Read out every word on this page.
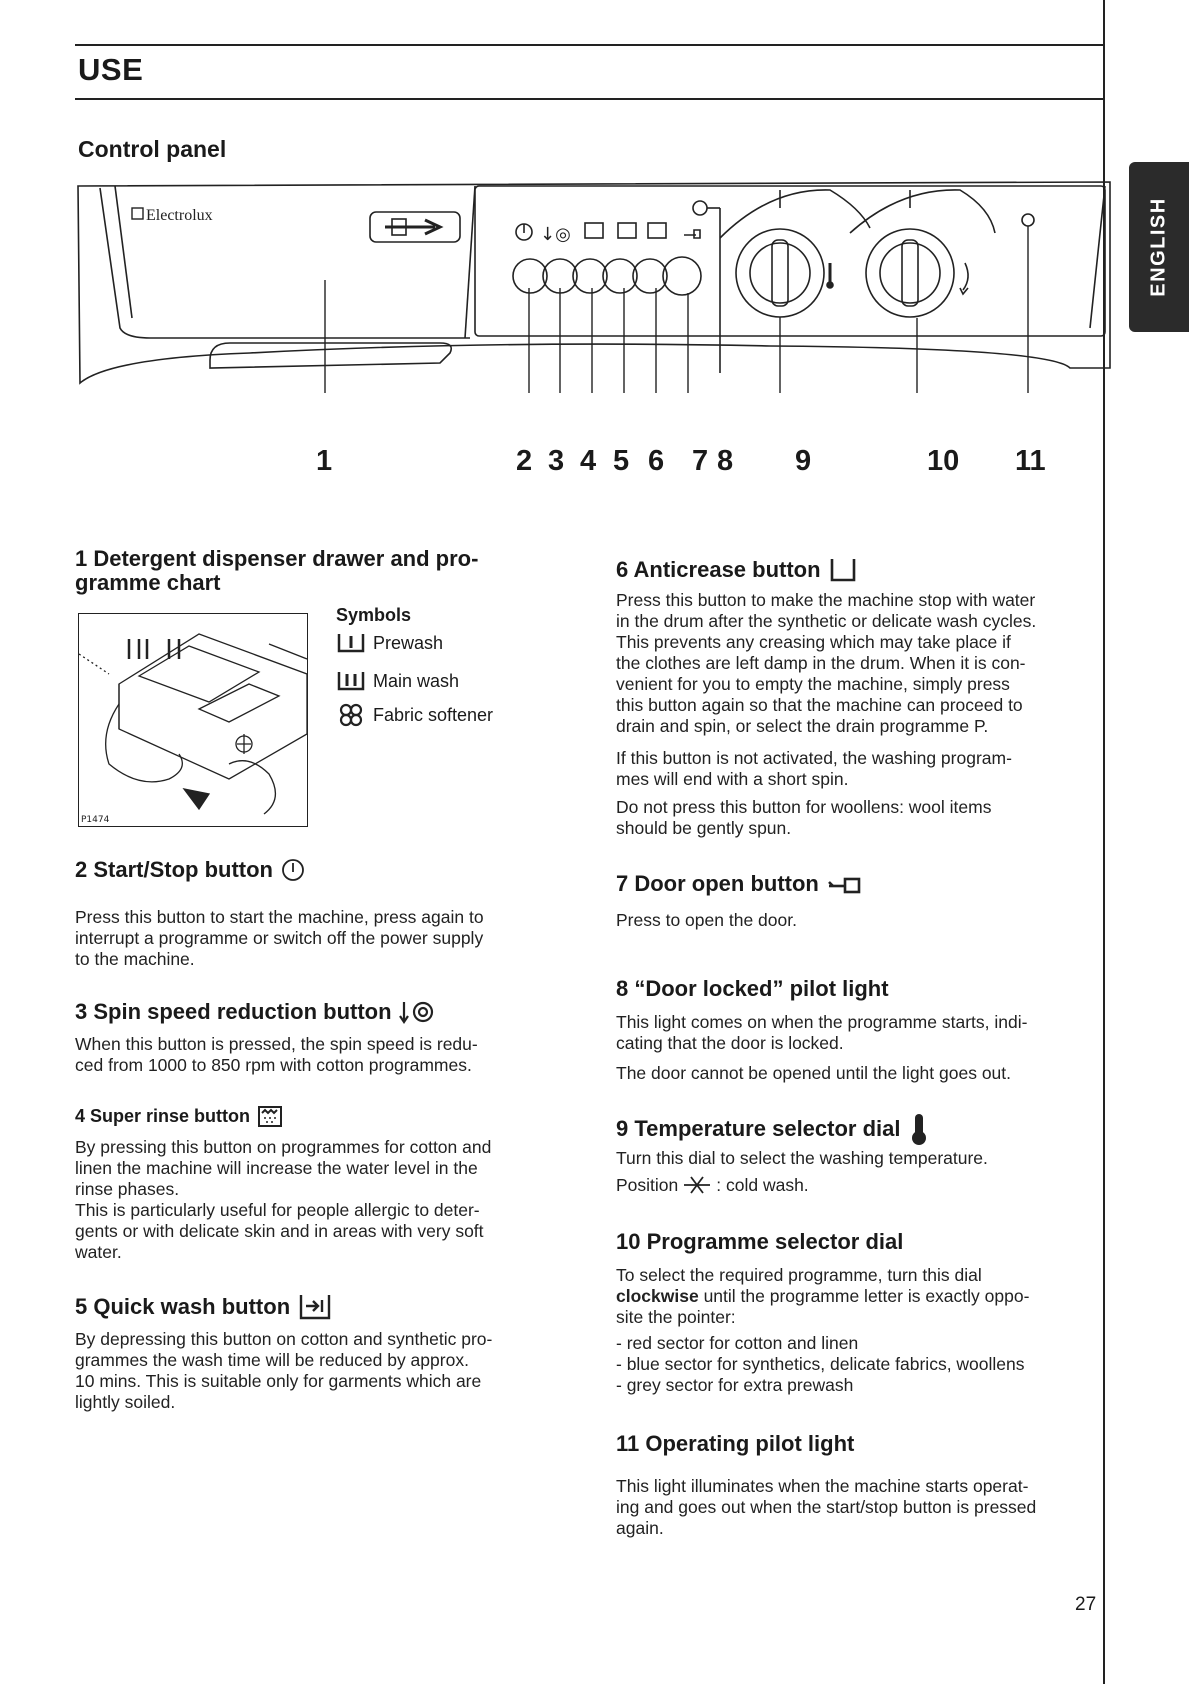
USE
Control panel
ENGLISH
↓◎
Electrolux
1	2 3 4 5 6 7 8 9	10 11
1 Detergent dispenser drawer and pro-
gramme chart
P1474
Symbols
Prewash
Main wash
Fabric softener
2 Start/Stop button
Press this button to start the machine, press again to
interrupt a programme or switch off the power supply
to the machine.
3 Spin speed reduction button
When this button is pressed, the spin speed is redu-
ced from 1000 to 850 rpm with cotton programmes.
4 Super rinse button
By pressing this button on programmes for cotton and
linen the machine will increase the water level in the
rinse phases.
This is particularly useful for people allergic to deter-
gents or with delicate skin and in areas with very soft
water.
5 Quick wash button
By depressing this button on cotton and synthetic pro-
grammes the wash time will be reduced by approx.
10 mins. This is suitable only for garments which are
lightly soiled.
6 Anticrease button
Press this button to make the machine stop with water
in the drum after the synthetic or delicate wash cycles.
This prevents any creasing which may take place if
the clothes are left damp in the drum. When it is con-
venient for you to empty the machine, simply press
this button again so that the machine can proceed to
drain and spin, or select the drain programme P.
If this button is not activated, the washing program-
mes will end with a short spin.
Do not press this button for woollens: wool items
should be gently spun.
7 Door open button
Press to open the door.
8 “Door locked” pilot light
This light comes on when the programme starts, indi-
cating that the door is locked.
The door cannot be opened until the light goes out.
9 Temperature selector dial
Turn this dial to select the washing temperature.
Position : cold wash.
10 Programme selector dial
To select the required programme, turn this dial
clockwise until the programme letter is exactly oppo-
site the pointer:
- red sector for cotton and linen
- blue sector for synthetics, delicate fabrics, woollens
- grey sector for extra prewash
11 Operating pilot light
This light illuminates when the machine starts operat-
ing and goes out when the start/stop button is pressed
again.
27
